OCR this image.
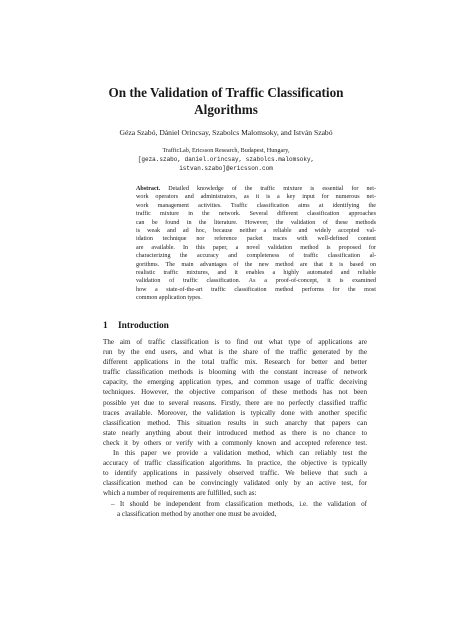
On the Validation of Traffic Classification
Algorithms
Géza Szabó, Dániel Orincsay, Szabolcs Malomsoky, and István Szabó
TrafficLab, Ericsson Research, Budapest, Hungary,
[geza.szabo, daniel.orincsay, szabolcs.malomsoky,
istvan.szabo]@ericsson.com
Abstract. Detailed knowledge of the traffic mixture is essential for net-
work operators and administrators, as it is a key input for numerous net-
work management activities. Traffic classification aims at identifying the
traffic mixture in the network. Several different classification approaches
can be found in the literature. However, the validation of these methods
is weak and ad hoc, because neither a reliable and widely accepted val-
idation technique nor reference packet traces with well-defined content
are available. In this paper, a novel validation method is proposed for
characterizing the accuracy and completeness of traffic classification al-
gorithms. The main advantages of the new method are that it is based on
realistic traffic mixtures, and it enables a highly automated and reliable
validation of traffic classification. As a proof-of-concept, it is examined
how a state-of-the-art traffic classification method performs for the most
common application types.
1 Introduction
The aim of traffic classification is to find out what type of applications are
run by the end users, and what is the share of the traffic generated by the
different applications in the total traffic mix. Research for better and better
traffic classification methods is blooming with the constant increase of network
capacity, the emerging application types, and common usage of traffic deceiving
techniques. However, the objective comparison of these methods has not been
possible yet due to several reasons. Firstly, there are no perfectly classified traffic
traces available. Moreover, the validation is typically done with another specific
classification method. This situation results in such anarchy that papers can
state nearly anything about their introduced method as there is no chance to
check it by others or verify with a commonly known and accepted reference test.
In this paper we provide a validation method, which can reliably test the
accuracy of traffic classification algorithms. In practice, the objective is typically
to identify applications in passively observed traffic. We believe that such a
classification method can be convincingly validated only by an active test, for
which a number of requirements are fulfilled, such as:
– It should be independent from classification methods, i.e. the validation of
a classification method by another one must be avoided,
